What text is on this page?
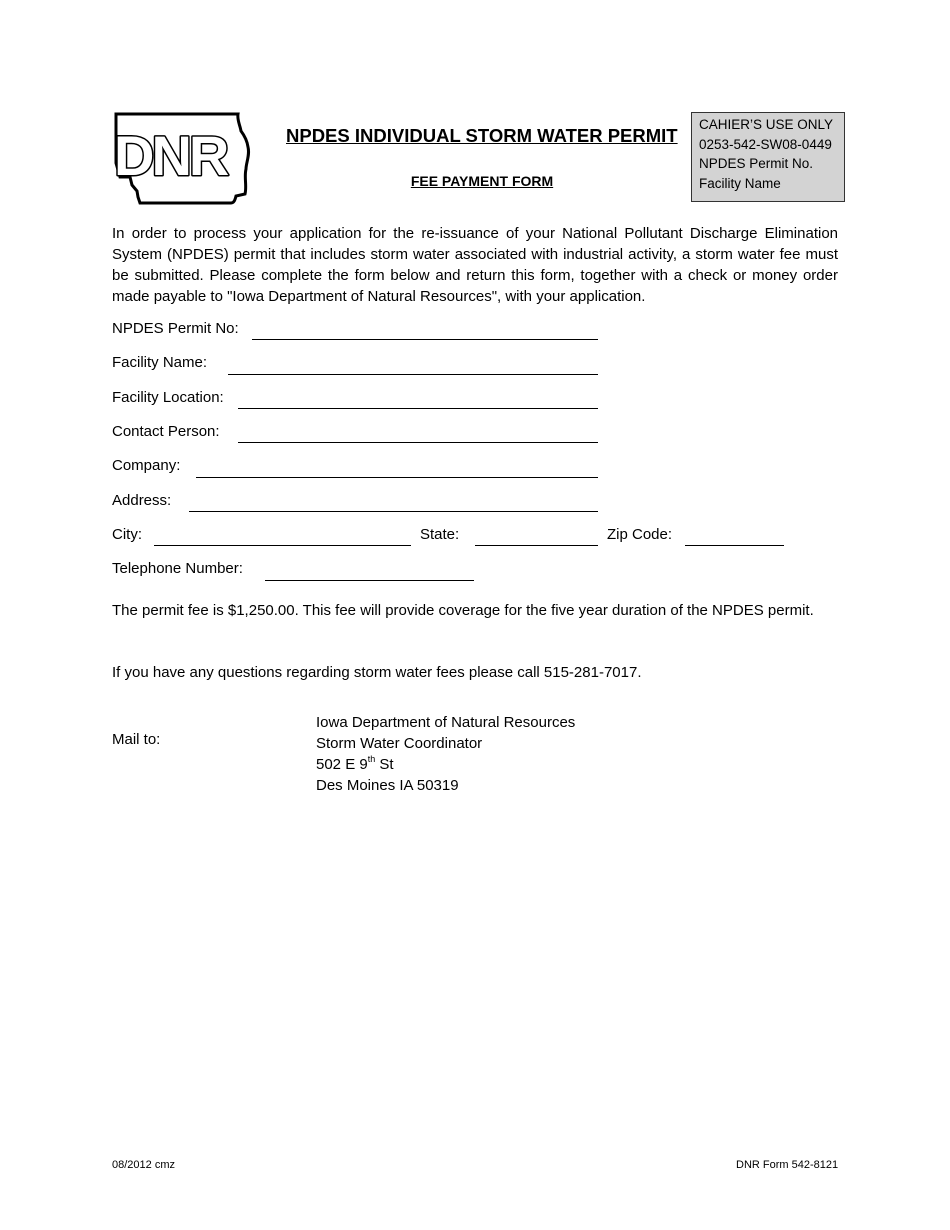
DNR	NPDES INDIVIDUAL STORM WATER PERMIT
FEE PAYMENT FORM
CAHIER’S USE ONLY
0253-542-SW08-0449
NPDES Permit No.
Facility Name
In order to process your application for the re-issuance of your National Pollutant Discharge Elimination System (NPDES) permit that includes storm water associated with industrial activity, a storm water fee must be submitted. Please complete the form below and return this form, together with a check or money order made payable to "Iowa Department of Natural Resources", with your application.
NPDES Permit No:
Facility Name:
Facility Location:
Contact Person:
Company:
Address:
City:	State:	Zip Code:
Telephone Number:
The permit fee is $1,250.00. This fee will provide coverage for the five year duration of the NPDES permit.
If you have any questions regarding storm water fees please call 515-281-7017.
Mail to:
Iowa Department of Natural Resources
Storm Water Coordinator
502 E 9th St
Des Moines IA 50319
08/2012 cmz	DNR Form 542-8121
